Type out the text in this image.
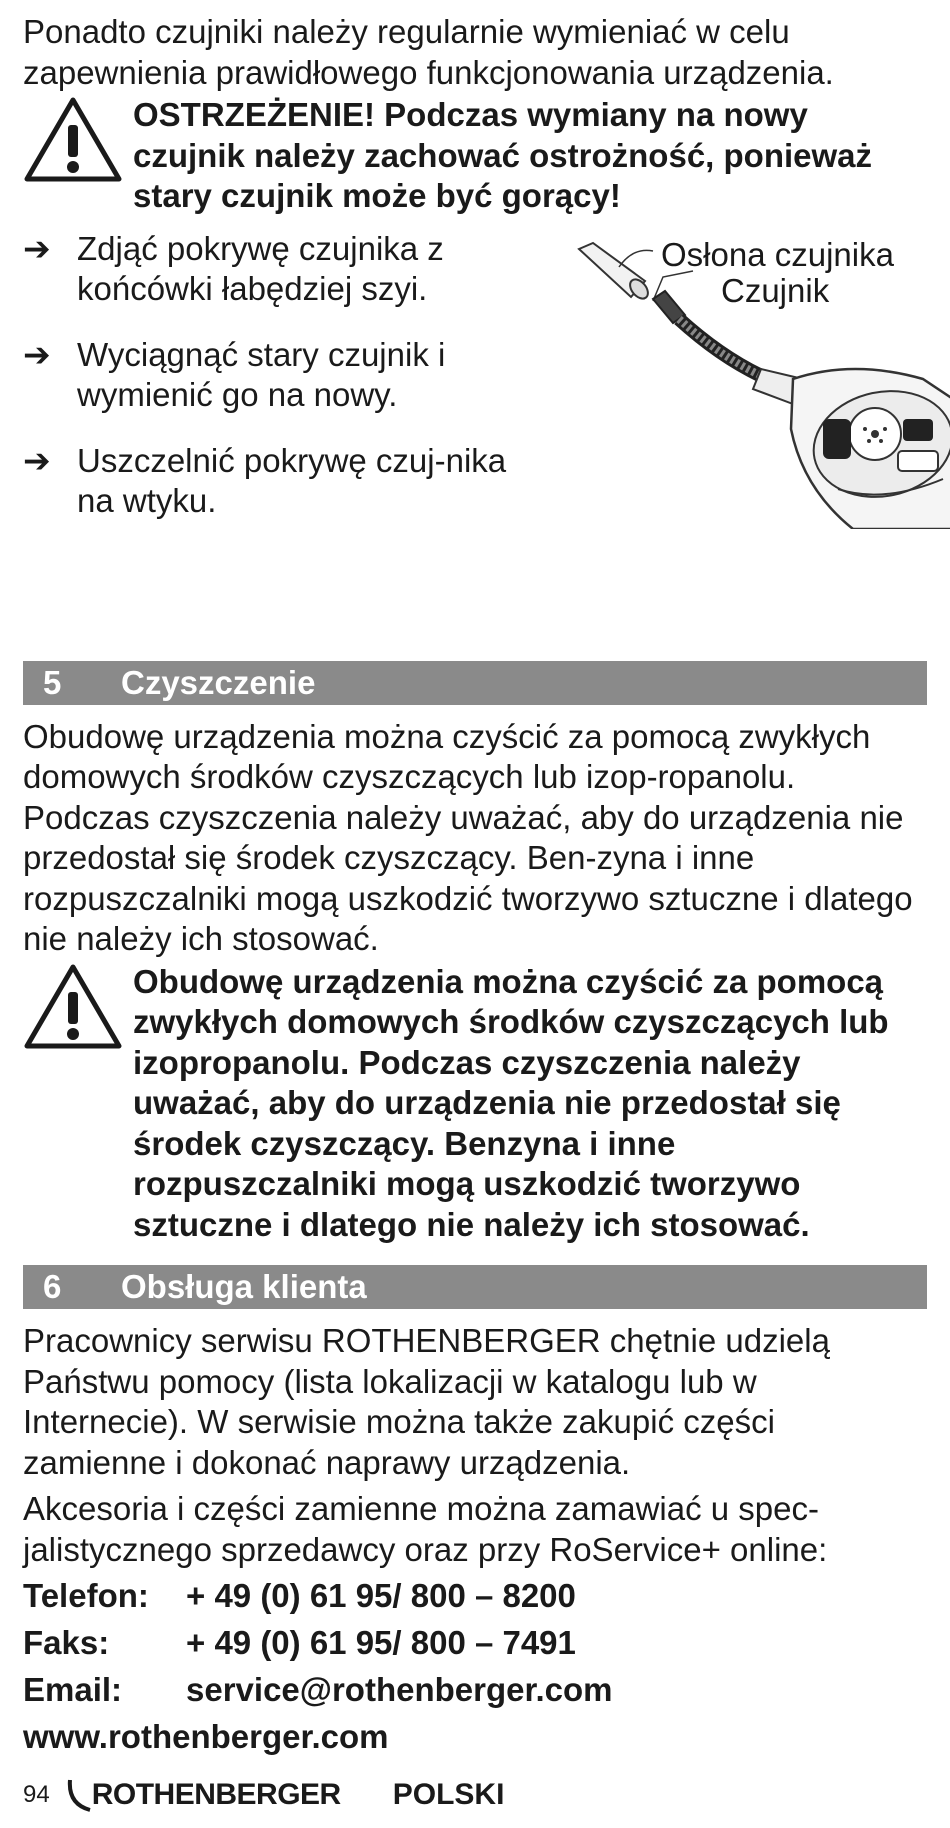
Ponadto czujniki należy regularnie wymieniać w celu zapewnienia prawidłowego funkcjonowania urządzenia.

OSTRZEŻENIE! Podczas wymiany na nowy czujnik należy zachować ostrożność, ponieważ stary czujnik może być gorący!

➔ Zdjąć pokrywę czujnika z końcówki łabędziej szyi.
➔ Wyciągnąć stary czujnik i wymienić go na nowy.
➔ Uszczelnić pokrywę czuj-nika na wtyku.
Osłona czujnika
Czujnik
5	Czyszczenie

Obudowę urządzenia można czyścić za pomocą zwykłych domowych środków czyszczących lub izop-ropanolu. Podczas czyszczenia należy uważać, aby do urządzenia nie przedostał się środek czyszczący. Ben-zyna i inne rozpuszczalniki mogą uszkodzić tworzywo sztuczne i dlatego nie należy ich stosować.

Obudowę urządzenia można czyścić za pomocą zwykłych domowych środków czyszczących lub izopropanolu. Podczas czyszczenia należy uważać, aby do urządzenia nie przedostał się środek czyszczący. Benzyna i inne rozpuszczalniki mogą uszkodzić tworzywo sztuczne i dlatego nie należy ich stosować.

6	Obsługa klienta

Pracownicy serwisu ROTHENBERGER chętnie udzielą Państwu pomocy (lista lokalizacji w katalogu lub w Internecie). W serwisie można także zakupić części zamienne i dokonać naprawy urządzenia.

Akcesoria i części zamienne można zamawiać u spec-jalistycznego sprzedawcy oraz przy RoService+ online:

Telefon:	+ 49 (0) 61 95/ 800 – 8200
Faks:	+ 49 (0) 61 95/ 800 – 7491
Email:	service@rothenberger.com
www.rothenberger.com
94 ROTHENBERGER POLSKI
